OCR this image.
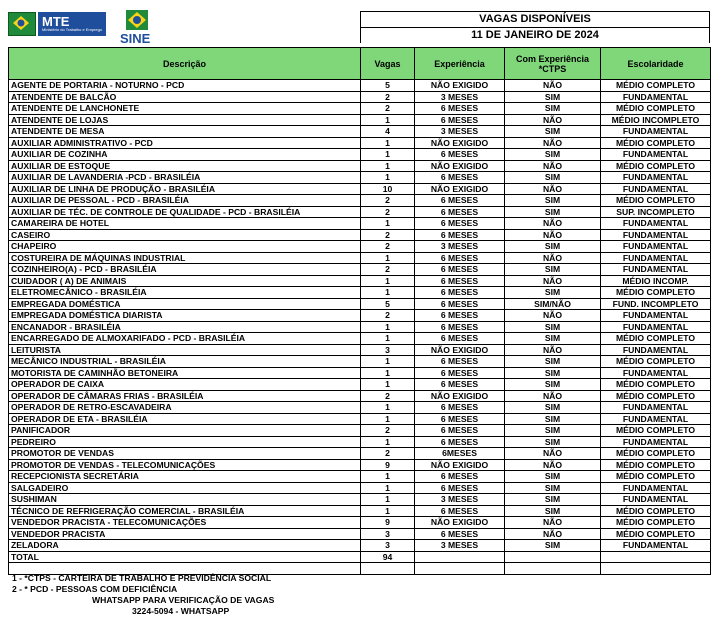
MTE
Ministério do Trabalho e Emprego
SINE
VAGAS DISPONÍVEIS
11 DE JANEIRO DE 2024
Descrição	Vagas	Experiência	Com Experiência *CTPS	Escolaridade
AGENTE DE PORTARIA - NOTURNO - PCD	5	NÃO EXIGIDO	NÃO	MÉDIO COMPLETO
ATENDENTE DE BALCÃO	2	3 MESES	SIM	FUNDAMENTAL
ATENDENTE DE LANCHONETE	2	6 MESES	SIM	MÉDIO COMPLETO
ATENDENTE DE LOJAS	1	6 MESES	NÃO	MÉDIO INCOMPLETO
ATENDENTE DE MESA	4	3 MESES	SIM	FUNDAMENTAL
AUXILIAR ADMINISTRATIVO - PCD	1	NÃO EXIGIDO	NÃO	MÉDIO COMPLETO
AUXILIAR DE COZINHA	1	6 MESES	SIM	FUNDAMENTAL
AUXILIAR DE ESTOQUE	1	NÃO EXIGIDO	NÃO	MÉDIO COMPLETO
AUXILIAR DE LAVANDERIA -PCD - BRASILÉIA	1	6 MESES	SIM	FUNDAMENTAL
AUXILIAR DE LINHA DE PRODUÇÃO - BRASILÉIA	10	NÃO EXIGIDO	NÃO	FUNDAMENTAL
AUXILIAR DE PESSOAL - PCD - BRASILÉIA	2	6 MESES	SIM	MÉDIO COMPLETO
AUXILIAR DE TÉC. DE CONTROLE DE QUALIDADE - PCD - BRASILÉIA	2	6 MESES	SIM	SUP. INCOMPLETO
CAMAREIRA DE HOTEL	1	6 MESES	NÃO	FUNDAMENTAL
CASEIRO	2	6 MESES	NÃO	FUNDAMENTAL
CHAPEIRO	2	3 MESES	SIM	FUNDAMENTAL
COSTUREIRA DE MÁQUINAS INDUSTRIAL	1	6 MESES	NÃO	FUNDAMENTAL
COZINHEIRO(A) - PCD - BRASILÉIA	2	6 MESES	SIM	FUNDAMENTAL
CUIDADOR ( A) DE ANIMAIS	1	6 MESES	NÃO	MÉDIO INCOMP.
ELETROMECÂNICO - BRASILÉIA	1	6 MESES	SIM	MÉDIO COMPLETO
EMPREGADA DOMÉSTICA	5	6 MESES	SIM/NÃO	FUND. INCOMPLETO
EMPREGADA DOMÉSTICA DIARISTA	2	6 MESES	NÃO	FUNDAMENTAL
ENCANADOR - BRASILÉIA	1	6 MESES	SIM	FUNDAMENTAL
ENCARREGADO DE ALMOXARIFADO - PCD - BRASILÉIA	1	6 MESES	SIM	MÉDIO COMPLETO
LEITURISTA	3	NÃO EXIGIDO	NÃO	FUNDAMENTAL
MECÂNICO INDUSTRIAL - BRASILÉIA	1	6 MESES	SIM	MÉDIO COMPLETO
MOTORISTA DE CAMINHÃO BETONEIRA	1	6 MESES	SIM	FUNDAMENTAL
OPERADOR DE CAIXA	1	6 MESES	SIM	MÉDIO COMPLETO
OPERADOR DE CÂMARAS FRIAS - BRASILÉIA	2	NÃO EXIGIDO	NÃO	MÉDIO COMPLETO
OPERADOR DE RETRO-ESCAVADEIRA	1	6 MESES	SIM	FUNDAMENTAL
OPERADOR DE ETA - BRASILÉIA	1	6 MESES	SIM	FUNDAMENTAL
PANIFICADOR	2	6 MESES	SIM	MÉDIO COMPLETO
PEDREIRO	1	6 MESES	SIM	FUNDAMENTAL
PROMOTOR DE VENDAS	2	6MESES	NÃO	MÉDIO COMPLETO
PROMOTOR DE VENDAS - TELECOMUNICAÇÕES	9	NÃO EXIGIDO	NÃO	MÉDIO COMPLETO
RECEPCIONISTA SECRETÁRIA	1	6 MESES	SIM	MÉDIO COMPLETO
SALGADEIRO	1	6 MESES	SIM	FUNDAMENTAL
SUSHIMAN	1	3 MESES	SIM	FUNDAMENTAL
TÉCNICO DE REFRIGERAÇÃO COMERCIAL - BRASILÉIA	1	6 MESES	SIM	MÉDIO COMPLETO
VENDEDOR PRACISTA - TELECOMUNICAÇÕES	9	NÃO EXIGIDO	NÃO	MÉDIO COMPLETO
VENDEDOR PRACISTA	3	6 MESES	NÃO	MÉDIO COMPLETO
ZELADORA	3	3 MESES	SIM	FUNDAMENTAL
TOTAL	94			

1 - *CTPS - CARTEIRA DE TRABALHO E PREVIDÊNCIA SOCIAL
2 - * PCD - PESSOAS COM DEFICIÊNCIA
WHATSAPP PARA VERIFICAÇÃO DE VAGAS
3224-5094 - WHATSAPP
